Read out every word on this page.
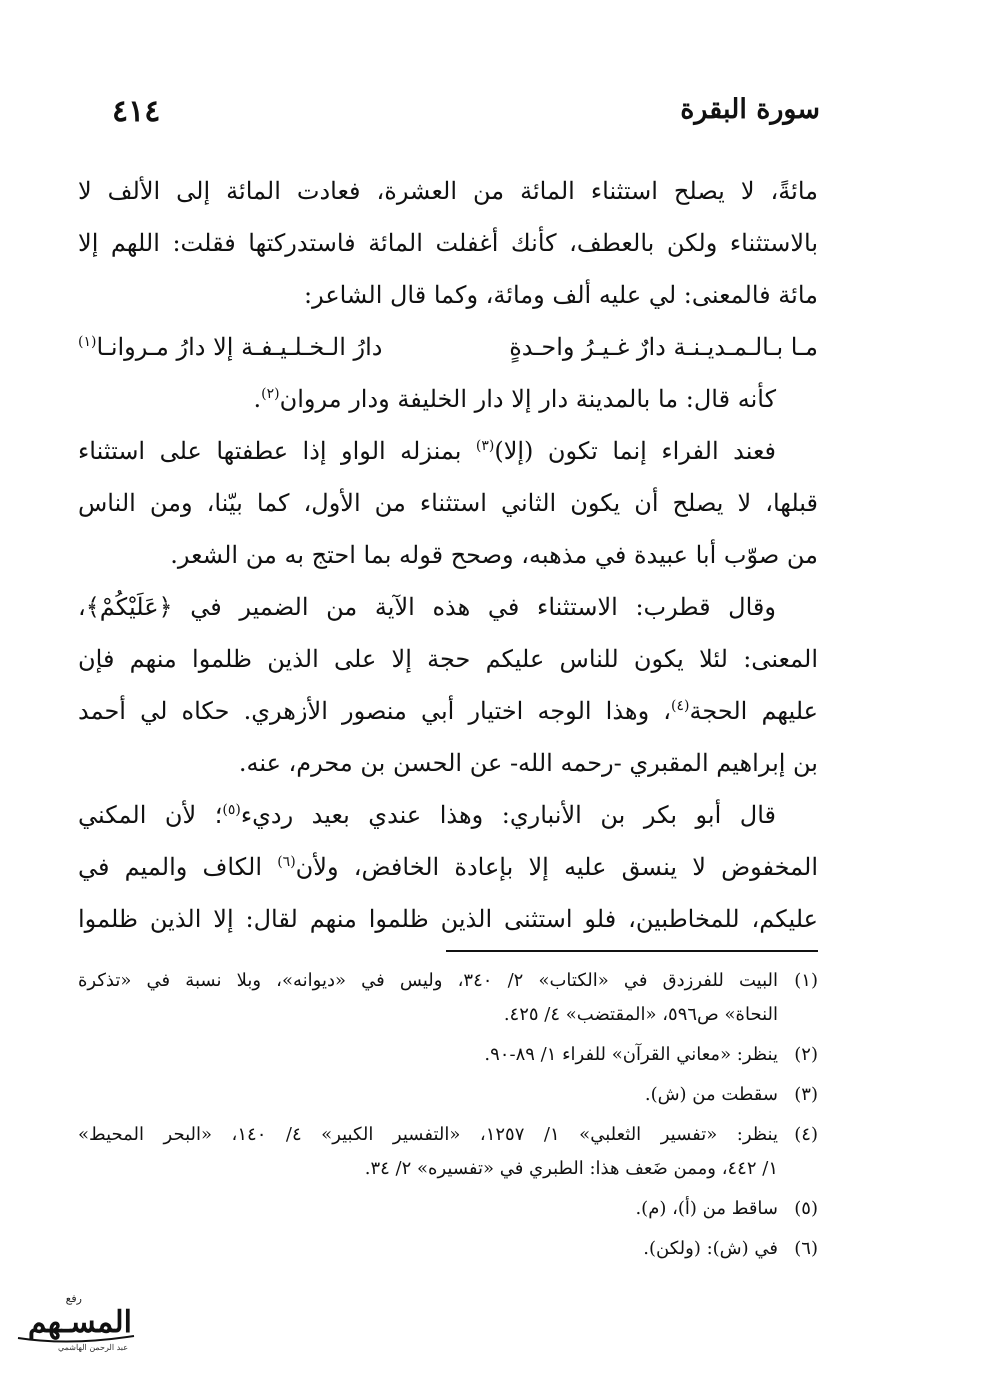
سورة البقرة
٤١٤
مائةً، لا يصلح استثناء المائة من العشرة، فعادت المائة إلى الألف لا
بالاستثناء ولكن بالعطف، كأنك أغفلت المائة فاستدركتها فقلت: اللهم إلا
مائة فالمعنى: لي عليه ألف ومائة، وكما قال الشاعر:
مـا بـالـمـديـنـة دارٌ غـيـرُ واحـدةٍ
دارُ الـخـلـيـفـة إلا دارُ مـروانـا$^{(١)}$
كأنه قال: ما بالمدينة دار إلا دار الخليفة ودار مروان$^{(٢)}$.
فعند الفراء إنما تكون (إلا)$^{(٣)}$ بمنزله الواو إذا عطفتها على استثناء
قبلها، لا يصلح أن يكون الثاني استثناء من الأول، كما بيّنا، ومن الناس
من صوّب أبا عبيدة في مذهبه، وصحح قوله بما احتج به من الشعر.
وقال قطرب: الاستثناء في هذه الآية من الضمير في ﴿عَلَيْكُمْ﴾،
المعنى: لئلا يكون للناس عليكم حجة إلا على الذين ظلموا منهم فإن
عليهم الحجة$^{(٤)}$، وهذا الوجه اختيار أبي منصور الأزهري. حكاه لي أحمد
بن إبراهيم المقبري -رحمه الله- عن الحسن بن محرم، عنه.
قال أبو بكر بن الأنباري: وهذا عندي بعيد رديء$^{(٥)}$؛ لأن المكني
المخفوض لا ينسق عليه إلا بإعادة الخافض، ولأن$^{(٦)}$ الكاف والميم في
عليكم، للمخاطبين، فلو استثنى الذين ظلموا منهم لقال: إلا الذين ظلموا
(١)
البيت للفرزدق في «الكتاب» ٢/ ٣٤٠، وليس في «ديوانه»، وبلا نسبة في «تذكرة
النحاة» ص٥٩٦، «المقتضب» ٤/ ٤٢٥.
(٢)
ينظر: «معاني القرآن» للفراء ١/ ٨٩-٩٠.
(٣)
سقطت من (ش).
(٤)
ينظر: «تفسير الثعلبي» ١/ ١٢٥٧، «التفسير الكبير» ٤/ ١٤٠، «البحر المحيط»
١/ ٤٤٢، وممن ضَعف هذا: الطبري في «تفسيره» ٢/ ٣٤.
(٥)
ساقط من (أ)، (م).
(٦)
في (ش): (ولكن).
رفع
المسـهم
عبد الرحمن الهاشمي
